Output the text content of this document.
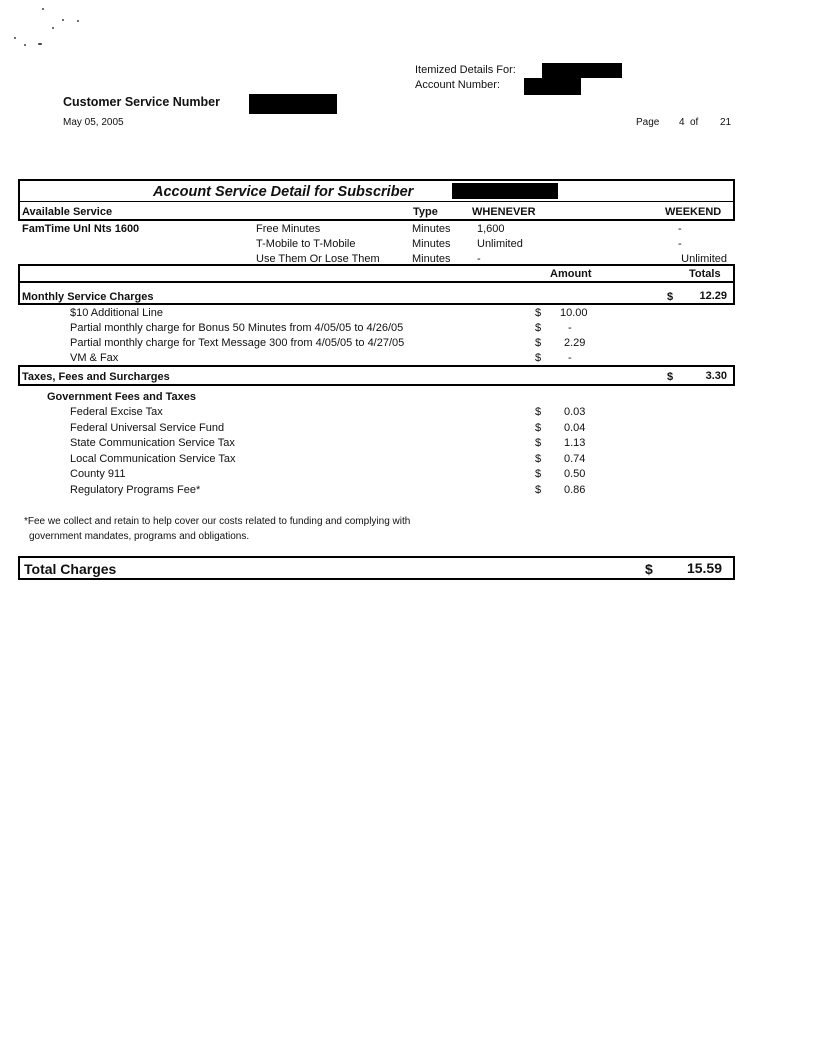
Itemized Details For:
Account Number:
Customer Service Number
May 05, 2005	Page 4 of 21
Account Service Detail for Subscriber
Available Service	Type	WHENEVER	WEEKEND
FamTime Unl Nts 1600	Free Minutes	Minutes 1,600	-
T-Mobile to T-Mobile	Minutes Unlimited	-
Use Them Or Lose Them	Minutes -	Unlimited
Amount	Totals
Monthly Service Charges	$	12.29
$10 Additional Line	$ 10.00
Partial monthly charge for Bonus 50 Minutes from 4/05/05 to 4/26/05	$ -
Partial monthly charge for Text Message 300 from 4/05/05 to 4/27/05	$ 2.29
VM & Fax	$ -
Taxes, Fees and Surcharges	$	3.30
Government Fees and Taxes
Federal Excise Tax	$ 0.03
Federal Universal Service Fund	$ 0.04
State Communication Service Tax	$ 1.13
Local Communication Service Tax	$ 0.74
County 911	$ 0.50
Regulatory Programs Fee*	$ 0.86
*Fee we collect and retain to help cover our costs related to funding and complying with
government mandates, programs and obligations.
Total Charges	$	15.59
